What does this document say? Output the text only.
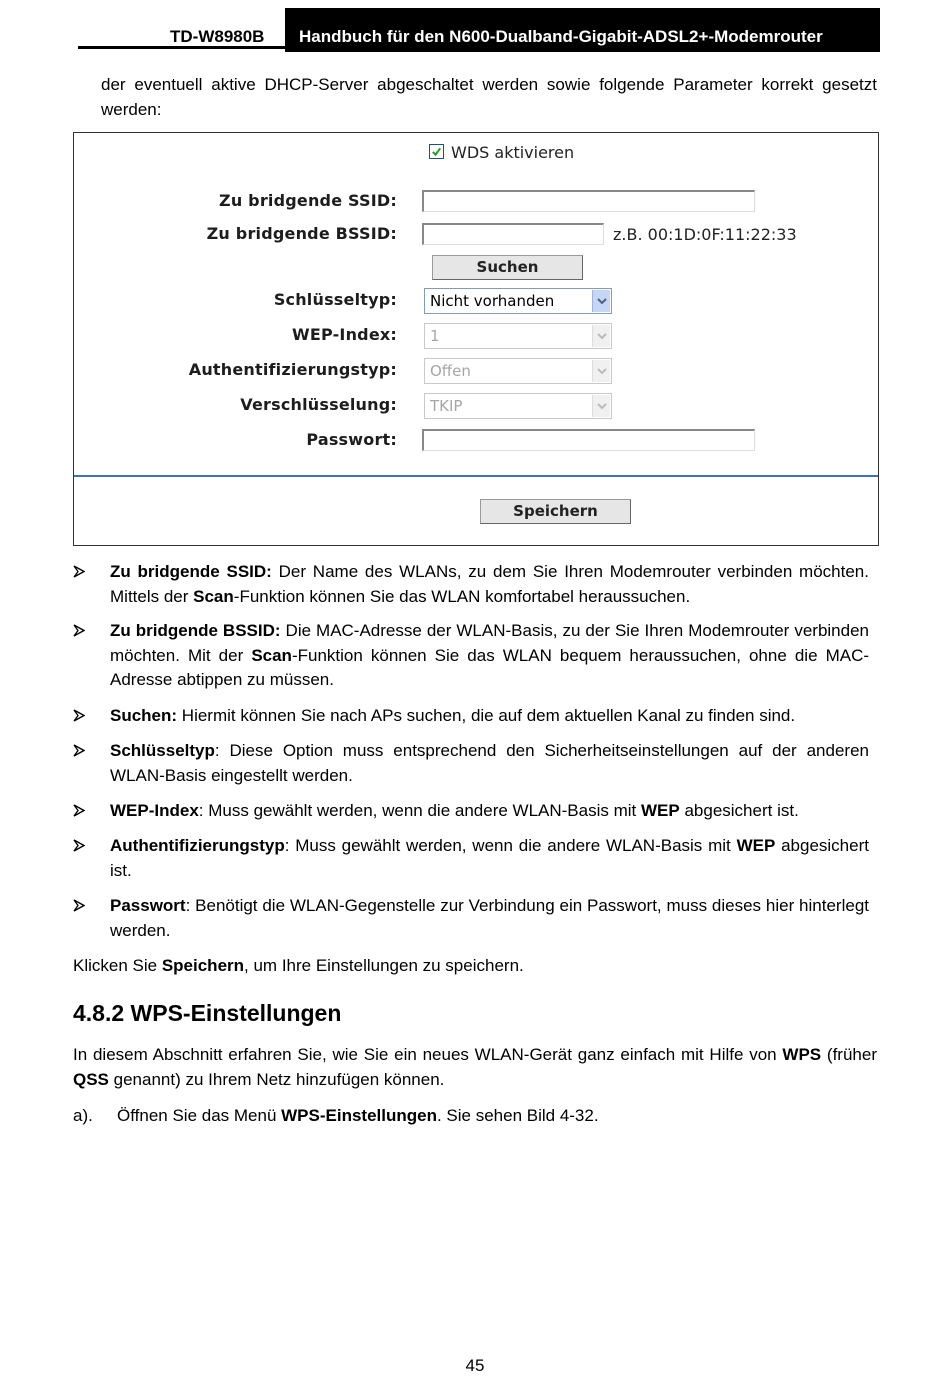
TD-W8980B	Handbuch für den N600-Dualband-Gigabit-ADSL2+-Modemrouter
der eventuell aktive DHCP-Server abgeschaltet werden sowie folgende Parameter korrekt gesetzt werden:
WDS aktivieren
Zu bridgende SSID:
Zu bridgende BSSID:	z.B. 00:1D:0F:11:22:33
Suchen
Schlüsseltyp:	Nicht vorhanden
WEP-Index:	1
Authentifizierungstyp:	Offen
Verschlüsselung:	TKIP
Passwort:
Speichern
Zu bridgende SSID: Der Name des WLANs, zu dem Sie Ihren Modemrouter verbinden möchten. Mittels der Scan-Funktion können Sie das WLAN komfortabel heraussuchen.
Zu bridgende BSSID: Die MAC-Adresse der WLAN-Basis, zu der Sie Ihren Modemrouter verbinden möchten. Mit der Scan-Funktion können Sie das WLAN bequem heraussuchen, ohne die MAC-Adresse abtippen zu müssen.
Suchen: Hiermit können Sie nach APs suchen, die auf dem aktuellen Kanal zu finden sind.
Schlüsseltyp: Diese Option muss entsprechend den Sicherheitseinstellungen auf der anderen WLAN-Basis eingestellt werden.
WEP-Index: Muss gewählt werden, wenn die andere WLAN-Basis mit WEP abgesichert ist.
Authentifizierungstyp: Muss gewählt werden, wenn die andere WLAN-Basis mit WEP abgesichert ist.
Passwort: Benötigt die WLAN-Gegenstelle zur Verbindung ein Passwort, muss dieses hier hinterlegt werden.
Klicken Sie Speichern, um Ihre Einstellungen zu speichern.
4.8.2 WPS-Einstellungen
In diesem Abschnitt erfahren Sie, wie Sie ein neues WLAN-Gerät ganz einfach mit Hilfe von WPS (früher QSS genannt) zu Ihrem Netz hinzufügen können.
a). Öffnen Sie das Menü WPS-Einstellungen. Sie sehen Bild 4-32.
45
